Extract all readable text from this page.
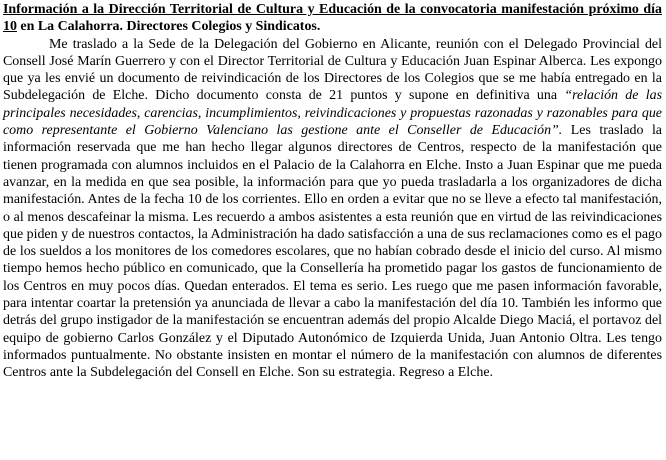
Información a la Dirección Territorial de Cultura y Educación de la convocatoria manifestación próximo día 10 en La Calahorra. Directores Colegios y Sindicatos.

Me traslado a la Sede de la Delegación del Gobierno en Alicante, reunión con el Delegado Provincial del Consell José Marín Guerrero y con el Director Territorial de Cultura y Educación Juan Espinar Alberca. Les expongo que ya les envié un documento de reivindicación de los Directores de los Colegios que se me había entregado en la Subdelegación de Elche. Dicho documento consta de 21 puntos y supone en definitiva una “relación de las principales necesidades, carencias, incumplimientos, reivindicaciones y propuestas razonadas y razonables para que como representante el Gobierno Valenciano las gestione ante el Conseller de Educación”. Les traslado la información reservada que me han hecho llegar algunos directores de Centros, respecto de la manifestación que tienen programada con alumnos incluidos en el Palacio de la Calahorra en Elche. Insto a Juan Espinar que me pueda avanzar, en la medida en que sea posible, la información para que yo pueda trasladarla a los organizadores de dicha manifestación. Antes de la fecha 10 de los corrientes. Ello en orden a evitar que no se lleve a efecto tal manifestación, o al menos descafeinar la misma. Les recuerdo a ambos asistentes a esta reunión que en virtud de las reivindicaciones que piden y de nuestros contactos, la Administración ha dado satisfacción a una de sus reclamaciones como es el pago de los sueldos a los monitores de los comedores escolares, que no habían cobrado desde el inicio del curso. Al mismo tiempo hemos hecho público en comunicado, que la Consellería ha prometido pagar los gastos de funcionamiento de los Centros en muy pocos días. Quedan enterados. El tema es serio. Les ruego que me pasen información favorable, para intentar coartar la pretensión ya anunciada de llevar a cabo la manifestación del día 10. También les informo que detrás del grupo instigador de la manifestación se encuentran además del propio Alcalde Diego Maciá, el portavoz del equipo de gobierno Carlos González y el Diputado Autonómico de Izquierda Unida, Juan Antonio Oltra. Les tengo informados puntualmente. No obstante insisten en montar el número de la manifestación con alumnos de diferentes Centros ante la Subdelegación del Consell en Elche. Son su estrategia. Regreso a Elche.
